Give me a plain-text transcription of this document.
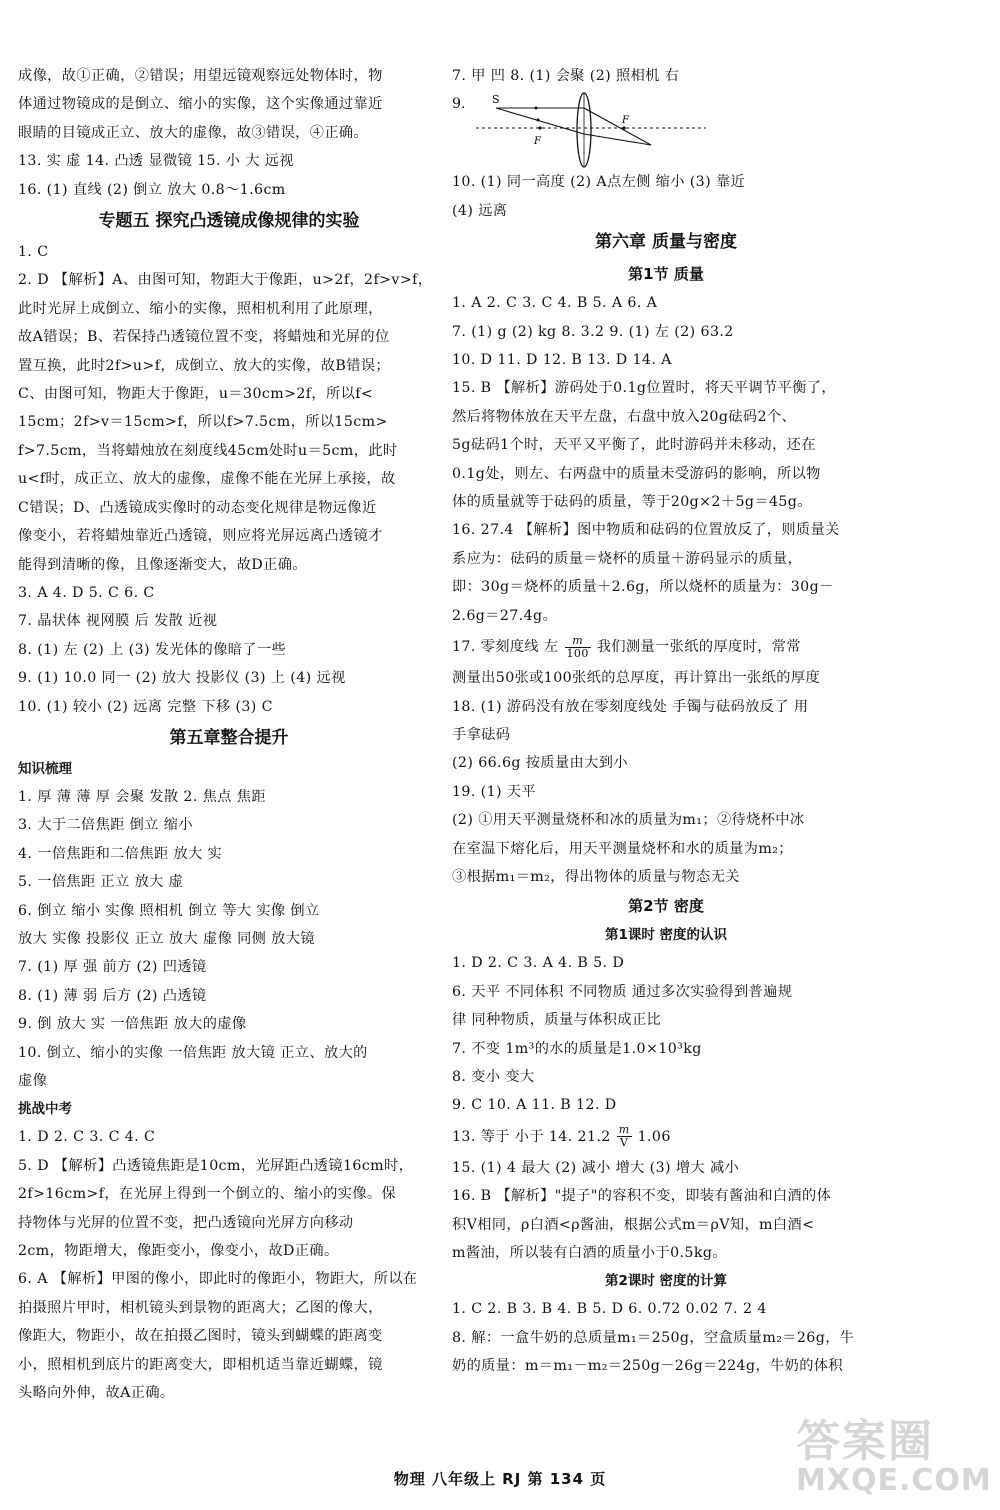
成像，故①正确，②错误；用望远镜观察远处物体时，物
体通过物镜成的是倒立、缩小的实像，这个实像通过靠近
眼睛的目镜成正立、放大的虚像，故③错误，④正确。
13. 实 虚 14. 凸透 显微镜 15. 小 大 远视
16. (1) 直线 (2) 倒立 放大 0.8～1.6cm
专题五 探究凸透镜成像规律的实验
1. C
2. D 【解析】A、由图可知，物距大于像距，u>2f，2f>v>f，
此时光屏上成倒立、缩小的实像，照相机利用了此原理，
故A错误；B、若保持凸透镜位置不变，将蜡烛和光屏的位
置互换，此时2f>u>f，成倒立、放大的实像，故B错误；
C、由图可知，物距大于像距，u＝30cm>2f，所以f<
15cm；2f>v＝15cm>f，所以f>7.5cm，所以15cm>
f>7.5cm，当将蜡烛放在刻度线45cm处时u＝5cm，此时
u<f时，成正立、放大的虚像，虚像不能在光屏上承接，故
C错误；D、凸透镜成实像时的动态变化规律是物远像近
像变小，若将蜡烛靠近凸透镜，则应将光屏远离凸透镜才
能得到清晰的像，且像逐渐变大，故D正确。
3. A 4. D 5. C 6. C
7. 晶状体 视网膜 后 发散 近视
8. (1) 左 (2) 上 (3) 发光体的像暗了一些
9. (1) 10.0 同一 (2) 放大 投影仪 (3) 上 (4) 远视
10. (1) 较小 (2) 远离 完整 下移 (3) C
第五章整合提升
知识梳理
1. 厚 薄 薄 厚 会聚 发散 2. 焦点 焦距
3. 大于二倍焦距 倒立 缩小
4. 一倍焦距和二倍焦距 放大 实
5. 一倍焦距 正立 放大 虚
6. 倒立 缩小 实像 照相机 倒立 等大 实像 倒立
放大 实像 投影仪 正立 放大 虚像 同侧 放大镜
7. (1) 厚 强 前方 (2) 凹透镜
8. (1) 薄 弱 后方 (2) 凸透镜
9. 倒 放大 实 一倍焦距 放大的虚像
10. 倒立、缩小的实像 一倍焦距 放大镜 正立、放大的
虚像
挑战中考
1. D 2. C 3. C 4. C
5. D 【解析】凸透镜焦距是10cm，光屏距凸透镜16cm时，
2f>16cm>f，在光屏上得到一个倒立的、缩小的实像。保
持物体与光屏的位置不变，把凸透镜向光屏方向移动
2cm，物距增大，像距变小，像变小，故D正确。
6. A 【解析】甲图的像小，即此时的像距小，物距大，所以在
拍摄照片甲时，相机镜头到景物的距离大；乙图的像大，
像距大，物距小，故在拍摄乙图时，镜头到蝴蝶的距离变
小，照相机到底片的距离变大，即相机适当靠近蝴蝶，镜
头略向外伸，故A正确。
7. 甲 凹 8. (1) 会聚 (2) 照相机 右
9. S
F
F
10. (1) 同一高度 (2) A点左侧 缩小 (3) 靠近
(4) 远离
第六章 质量与密度
第1节 质量
1. A 2. C 3. C 4. B 5. A 6. A
7. (1) g (2) kg 8. 3.2 9. (1) 左 (2) 63.2
10. D 11. D 12. B 13. D 14. A
15. B 【解析】游码处于0.1g位置时，将天平调节平衡了，
然后将物体放在天平左盘，右盘中放入20g砝码2个、
5g砝码1个时，天平又平衡了，此时游码并未移动，还在
0.1g处，则左、右两盘中的质量未受游码的影响，所以物
体的质量就等于砝码的质量，等于20g×2＋5g＝45g。
16. 27.4 【解析】图中物质和砝码的位置放反了，则质量关
系应为：砝码的质量＝烧杯的质量＋游码显示的质量，
即：30g＝烧杯的质量＋2.6g，所以烧杯的质量为：30g－
2.6g＝27.4g。
17. 零刻度线 左 $\frac{m}{100}$ 我们测量一张纸的厚度时，常常
测量出50张或100张纸的总厚度，再计算出一张纸的厚度
18. (1) 游码没有放在零刻度线处 手镯与砝码放反了 用
手拿砝码
(2) 66.6g 按质量由大到小
19. (1) 天平
(2) ①用天平测量烧杯和冰的质量为m₁；②待烧杯中冰
在室温下熔化后，用天平测量烧杯和水的质量为m₂；
③根据m₁＝m₂，得出物体的质量与物态无关
第2节 密度
第1课时 密度的认识
1. D 2. C 3. A 4. B 5. D
6. 天平 不同体积 不同物质 通过多次实验得到普遍规
律 同种物质，质量与体积成正比
7. 不变 1m³的水的质量是1.0×10³kg
8. 变小 变大
9. C 10. A 11. B 12. D
13. 等于 小于 14. $21.2 \frac{m}{V} 1.06$
15. (1) 4 最大 (2) 减小 增大 (3) 增大 减小
16. B 【解析】"提子"的容积不变，即装有酱油和白酒的体
积V相同，ρ白酒<ρ酱油，根据公式m＝ρV知，m白酒<
m酱油，所以装有白酒的质量小于0.5kg。
第2课时 密度的计算
1. C 2. B 3. B 4. B 5. D 6. 0.72 0.02 7. 2 4
8. 解：一盒牛奶的总质量m₁＝250g，空盒质量m₂＝26g，牛
奶的质量：m＝m₁－m₂＝250g－26g＝224g，牛奶的体积
物理 八年级上 RJ 第 134 页
答案圈
MXQE.COM
